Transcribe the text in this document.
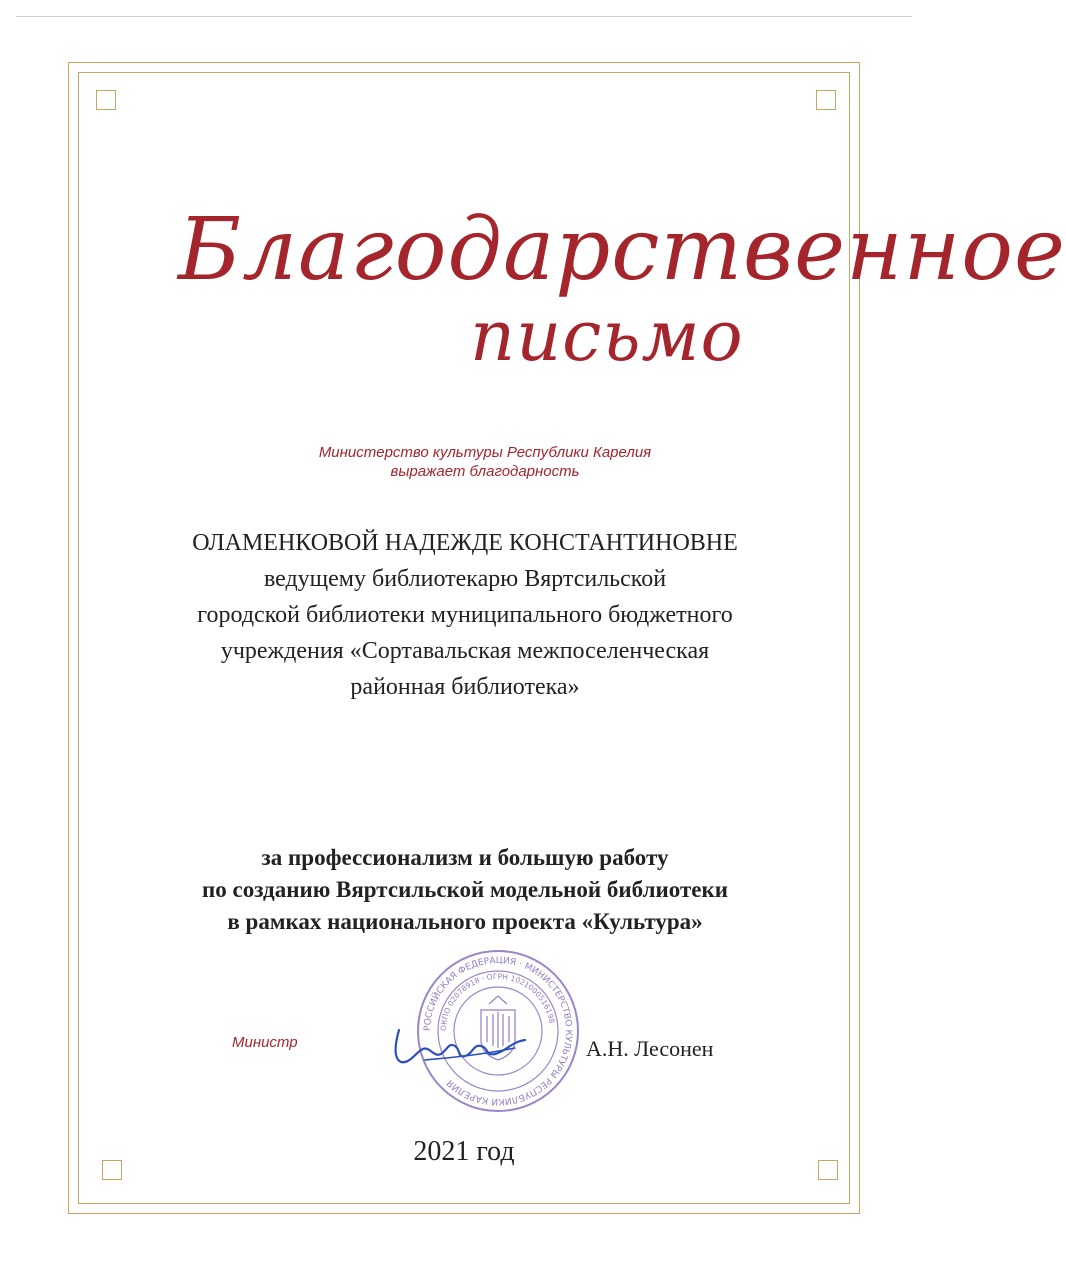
Благодарственное
письмо
Министерство культуры Республики Карелия
выражает благодарность
ОЛАМЕНКОВОЙ НАДЕЖДЕ КОНСТАНТИНОВНЕ
ведущему библиотекарю Вяртсильской
городской библиотеки муниципального бюджетного
учреждения «Сортавальская межпоселенческая
районная библиотека»
за профессионализм и большую работу
по созданию Вяртсильской модельной библиотеки
в рамках национального проекта «Культура»
РОССИЙСКАЯ ФЕДЕРАЦИЯ · МИНИСТЕРСТВО КУЛЬТУРЫ РЕСПУБЛИКИ КАРЕЛИЯ
ОКПО 02078918 · ОГРН 1021000516198
Министр	А.Н. Лесонен
2021 год
